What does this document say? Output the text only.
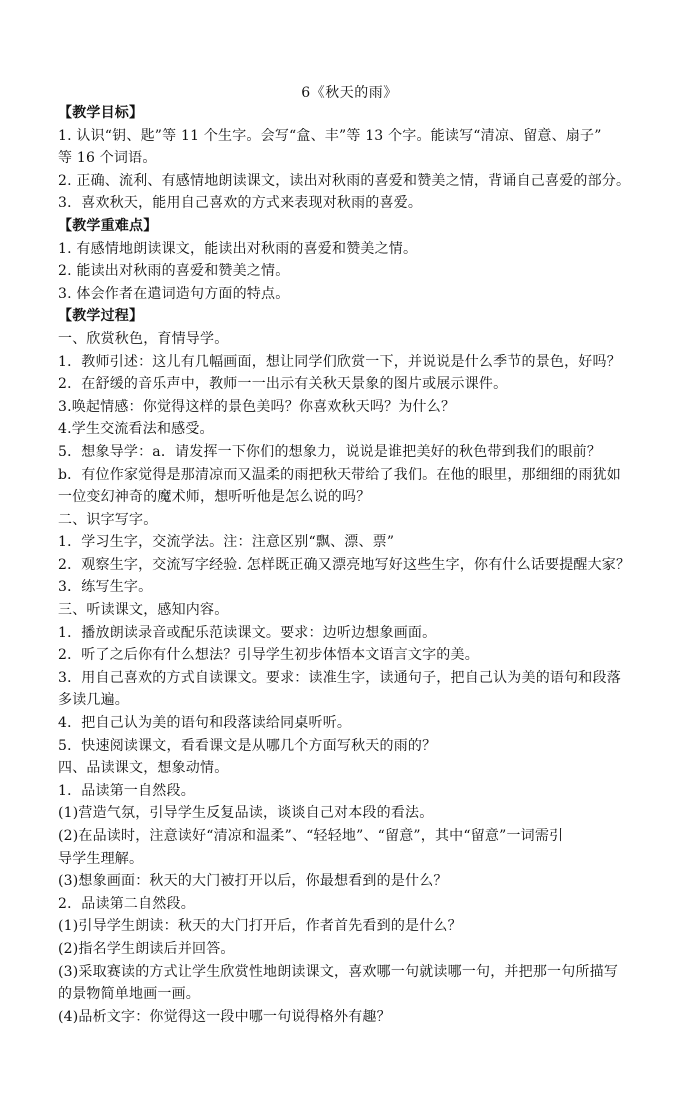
6《秋天的雨》
【教学目标】
1. 认识“钥、匙”等 11 个生字。会写“盒、丰”等 13 个字。能读写“清凉、留意、扇子”
等 16 个词语。
2. 正确、流利、有感情地朗读课文，读出对秋雨的喜爱和赞美之情，背诵自己喜爱的部分。
3．喜欢秋天，能用自己喜欢的方式来表现对秋雨的喜爱。
【教学重难点】
1. 有感情地朗读课文，能读出对秋雨的喜爱和赞美之情。
2. 能读出对秋雨的喜爱和赞美之情。
3. 体会作者在遣词造句方面的特点。
【教学过程】
一、欣赏秋色，育情导学。
1．教师引述：这儿有几幅画面，想让同学们欣赏一下，并说说是什么季节的景色，好吗？
2．在舒缓的音乐声中，教师一一出示有关秋天景象的图片或展示课件。
3.唤起情感：你觉得这样的景色美吗？你喜欢秋天吗？为什么？
4.学生交流看法和感受。
5．想象导学：a．请发挥一下你们的想象力，说说是谁把美好的秋色带到我们的眼前？
b．有位作家觉得是那清凉而又温柔的雨把秋天带给了我们。在他的眼里，那细细的雨犹如
一位变幻神奇的魔术师，想听听他是怎么说的吗？
二、识字写字。
1．学习生字，交流学法。注：注意区别“飘、漂、票”
2．观察生字，交流写字经验. 怎样既正确又漂亮地写好这些生字，你有什么话要提醒大家？
3．练写生字。
三、听读课文，感知内容。
1．播放朗读录音或配乐范读课文。要求：边听边想象画面。
2．听了之后你有什么想法？引导学生初步体悟本文语言文字的美。
3．用自己喜欢的方式自读课文。要求：读准生字，读通句子，把自己认为美的语句和段落
多读几遍。
4．把自己认为美的语句和段落读给同桌听听。
5．快速阅读课文，看看课文是从哪几个方面写秋天的雨的？
四、品读课文，想象动情。
1．品读第一自然段。
(1)营造气氛，引导学生反复品读，谈谈自己对本段的看法。
(2)在品读时，注意读好“清凉和温柔”、“轻轻地”、“留意”，其中“留意”一词需引
导学生理解。
(3)想象画面：秋天的大门被打开以后，你最想看到的是什么？
2．品读第二自然段。
(1)引导学生朗读：秋天的大门打开后，作者首先看到的是什么？
(2)指名学生朗读后并回答。
(3)采取赛读的方式让学生欣赏性地朗读课文，喜欢哪一句就读哪一句，并把那一句所描写
的景物简单地画一画。
(4)品析文字：你觉得这一段中哪一句说得格外有趣？
